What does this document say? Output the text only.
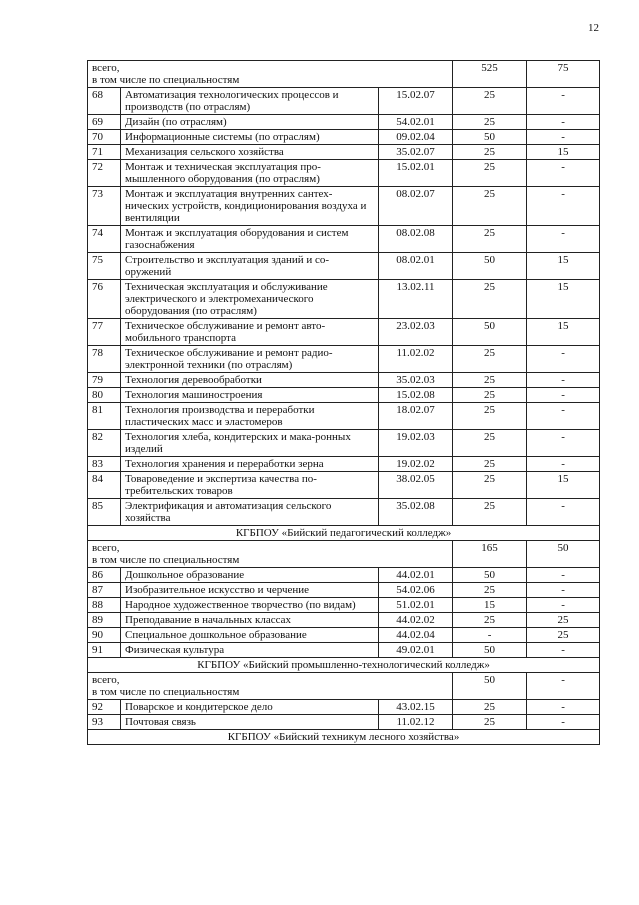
12
всего,
в том числе по специальностям			525	75
68	Автоматизация технологических процессов и производств (по отраслям)	15.02.07	25	-
69	Дизайн (по отраслям)	54.02.01	25	-
70	Информационные системы (по отраслям)	09.02.04	50	-
71	Механизация сельского хозяйства	35.02.07	25	15
72	Монтаж и техническая эксплуатация про-мышленного оборудования (по отраслям)	15.02.01	25	-
73	Монтаж и эксплуатация внутренних сантех-нических устройств, кондиционирования воздуха и вентиляции	08.02.07	25	-
74	Монтаж и эксплуатация оборудования и систем газоснабжения	08.02.08	25	-
75	Строительство и эксплуатация зданий и со-оружений	08.02.01	50	15
76	Техническая эксплуатация и обслуживание электрического и электромеханического оборудования (по отраслям)	13.02.11	25	15
77	Техническое обслуживание и ремонт авто-мобильного транспорта	23.02.03	50	15
78	Техническое обслуживание и ремонт радио-электронной техники (по отраслям)	11.02.02	25	-
79	Технология деревообработки	35.02.03	25	-
80	Технология машиностроения	15.02.08	25	-
81	Технология производства и переработки пластических масс и эластомеров	18.02.07	25	-
82	Технология хлеба, кондитерских и мака-ронных изделий	19.02.03	25	-
83	Технология хранения и переработки зерна	19.02.02	25	-
84	Товароведение и экспертиза качества по-требительских товаров	38.02.05	25	15
85	Электрификация и автоматизация сельского хозяйства	35.02.08	25	-
КГБПОУ «Бийский педагогический колледж»				

всего,
в том числе по специальностям			165	50
86	Дошкольное образование	44.02.01	50	-
87	Изобразительное искусство и черчение	54.02.06	25	-
88	Народное художественное творчество (по видам)	51.02.01	15	-
89	Преподавание в начальных классах	44.02.02	25	25
90	Специальное дошкольное образование	44.02.04	-	25
91	Физическая культура	49.02.01	50	-
КГБПОУ «Бийский промышленно-технологический колледж»				

всего,
в том числе по специальностям			50	-
92	Поварское и кондитерское дело	43.02.15	25	-
93	Почтовая связь	11.02.12	25	-
КГБПОУ «Бийский техникум лесного хозяйства»				
